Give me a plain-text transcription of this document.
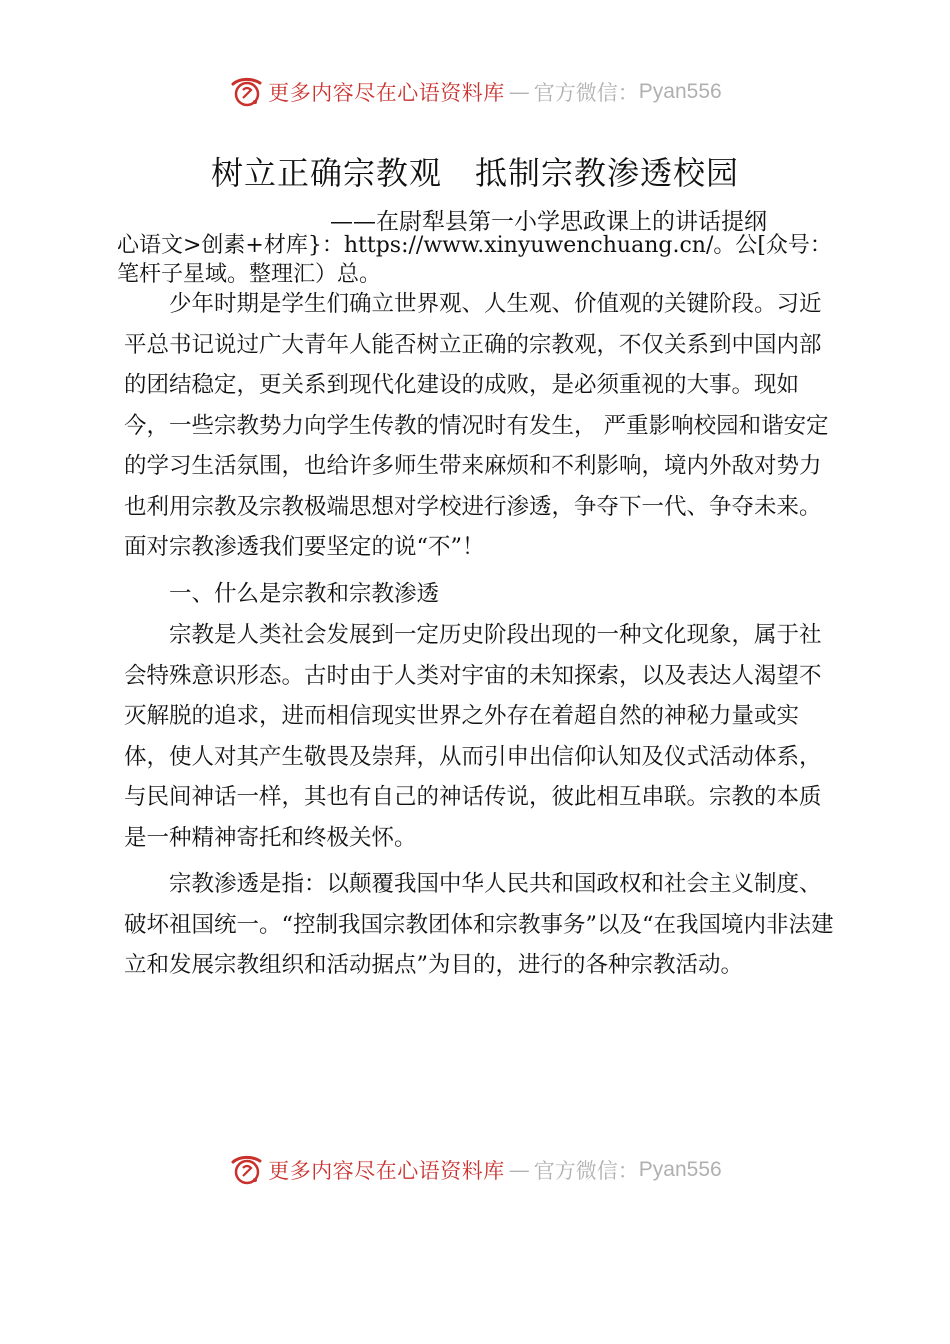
更多内容尽在心语资料库 — 官方微信： Pyan556
树立正确宗教观　抵制宗教渗透校园
——在尉犁县第一小学思政课上的讲话提纲
心语文>创素+材库}：https://www.xinyuwenchuang.cn/。公[众号：笔杆子星域。整理汇）总。

少年时期是学生们确立世界观、人生观、价值观的关键阶段。习近平总书记说过广大青年人能否树立正确的宗教观，不仅关系到中国内部的团结稳定，更关系到现代化建设的成败，是必须重视的大事。现如今，一些宗教势力向学生传教的情况时有发生， 严重影响校园和谐安定的学习生活氛围，也给许多师生带来麻烦和不利影响，境内外敌对势力也利用宗教及宗教极端思想对学校进行渗透，争夺下一代、争夺未来。面对宗教渗透我们要坚定的说“不”！

一、什么是宗教和宗教渗透

宗教是人类社会发展到一定历史阶段出现的一种文化现象，属于社会特殊意识形态。古时由于人类对宇宙的未知探索，以及表达人渴望不灭解脱的追求，进而相信现实世界之外存在着超自然的神秘力量或实体，使人对其产生敬畏及崇拜，从而引申出信仰认知及仪式活动体系，与民间神话一样，其也有自己的神话传说，彼此相互串联。宗教的本质是一种精神寄托和终极关怀。

宗教渗透是指：以颠覆我国中华人民共和国政权和社会主义制度、破坏祖国统一。“控制我国宗教团体和宗教事务”以及“在我国境内非法建立和发展宗教组织和活动据点”为目的，进行的各种宗教活动。

更多内容尽在心语资料库 — 官方微信： Pyan556
